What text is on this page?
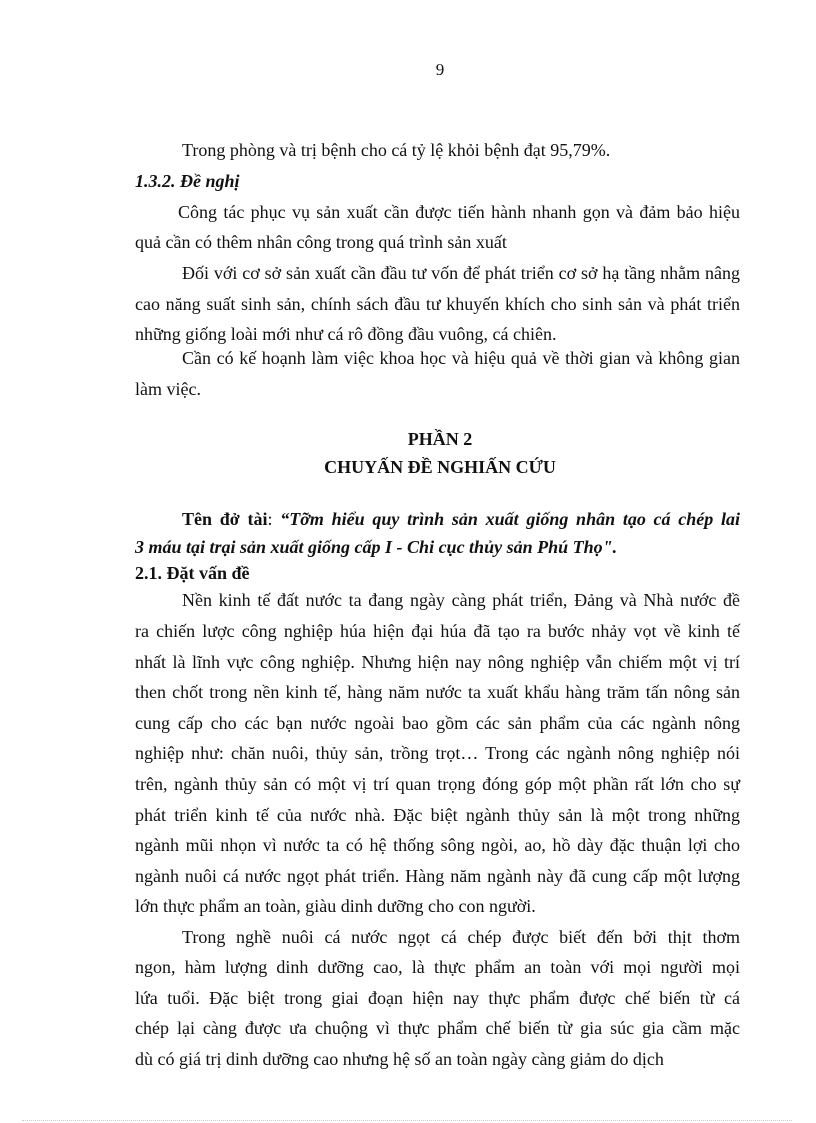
9
Trong phòng và trị bệnh cho cá tỷ lệ khỏi bệnh đạt 95,79%.
1.3.2. Đề nghị
Công tác phục vụ sản xuất cần được tiến hành nhanh gọn và đảm bảo hiệu
quả cần có thêm nhân công trong quá trình sản xuất
Đối với cơ sở sản xuất cần đầu tư vốn để phát triển cơ sở hạ tầng nhằm nâng
cao năng suất sinh sản, chính sách đầu tư khuyến khích cho sinh sản và phát triển
những giống loài mới như cá rô đồng đầu vuông, cá chiên.
Cần có kế hoạnh làm việc khoa học và hiệu quả về thời gian và không gian
làm việc.
PHẦN 2
CHUYẤN ĐỀ NGHIẤN CỨU
Tên đở tài: “Tỡm hiểu quy trình sản xuất giống nhân tạo cá chép lai
3 máu tại trại sản xuất giống cấp I - Chi cục thủy sản Phú Thọ".
2.1. Đặt vấn đề
Nền kinh tế đất nước ta đang ngày càng phát triển, Đảng và Nhà nước đề
ra chiến lược công nghiệp húa hiện đại húa đã tạo ra bước nhảy vọt về kinh tế
nhất là lĩnh vực công nghiệp. Nhưng hiện nay nông nghiệp vẫn chiếm một vị trí
then chốt trong nền kinh tế, hàng năm nước ta xuất khẩu hàng trăm tấn nông sản
cung cấp cho các bạn nước ngoài bao gồm các sản phẩm của các ngành nông
nghiệp như: chăn nuôi, thủy sản, trồng trọt… Trong các ngành nông nghiệp nói
trên, ngành thủy sản có một vị trí quan trọng đóng góp một phần rất lớn cho sự
phát triển kinh tế của nước nhà. Đặc biệt ngành thủy sản là một trong những
ngành mũi nhọn vì nước ta có hệ thống sông ngòi, ao, hồ dày đặc thuận lợi cho
ngành nuôi cá nước ngọt phát triển. Hàng năm ngành này đã cung cấp một lượng
lớn thực phẩm an toàn, giàu dinh dưỡng cho con người.
Trong nghề nuôi cá nước ngọt cá chép được biết đến bởi thịt thơm
ngon, hàm lượng dinh dưỡng cao, là thực phẩm an toàn với mọi người mọi
lứa tuổi. Đặc biệt trong giai đoạn hiện nay thực phẩm được chế biến từ cá
chép lại càng được ưa chuộng vì thực phẩm chế biến từ gia súc gia cầm mặc
dù có giá trị dinh dưỡng cao nhưng hệ số an toàn ngày càng giảm do dịch
